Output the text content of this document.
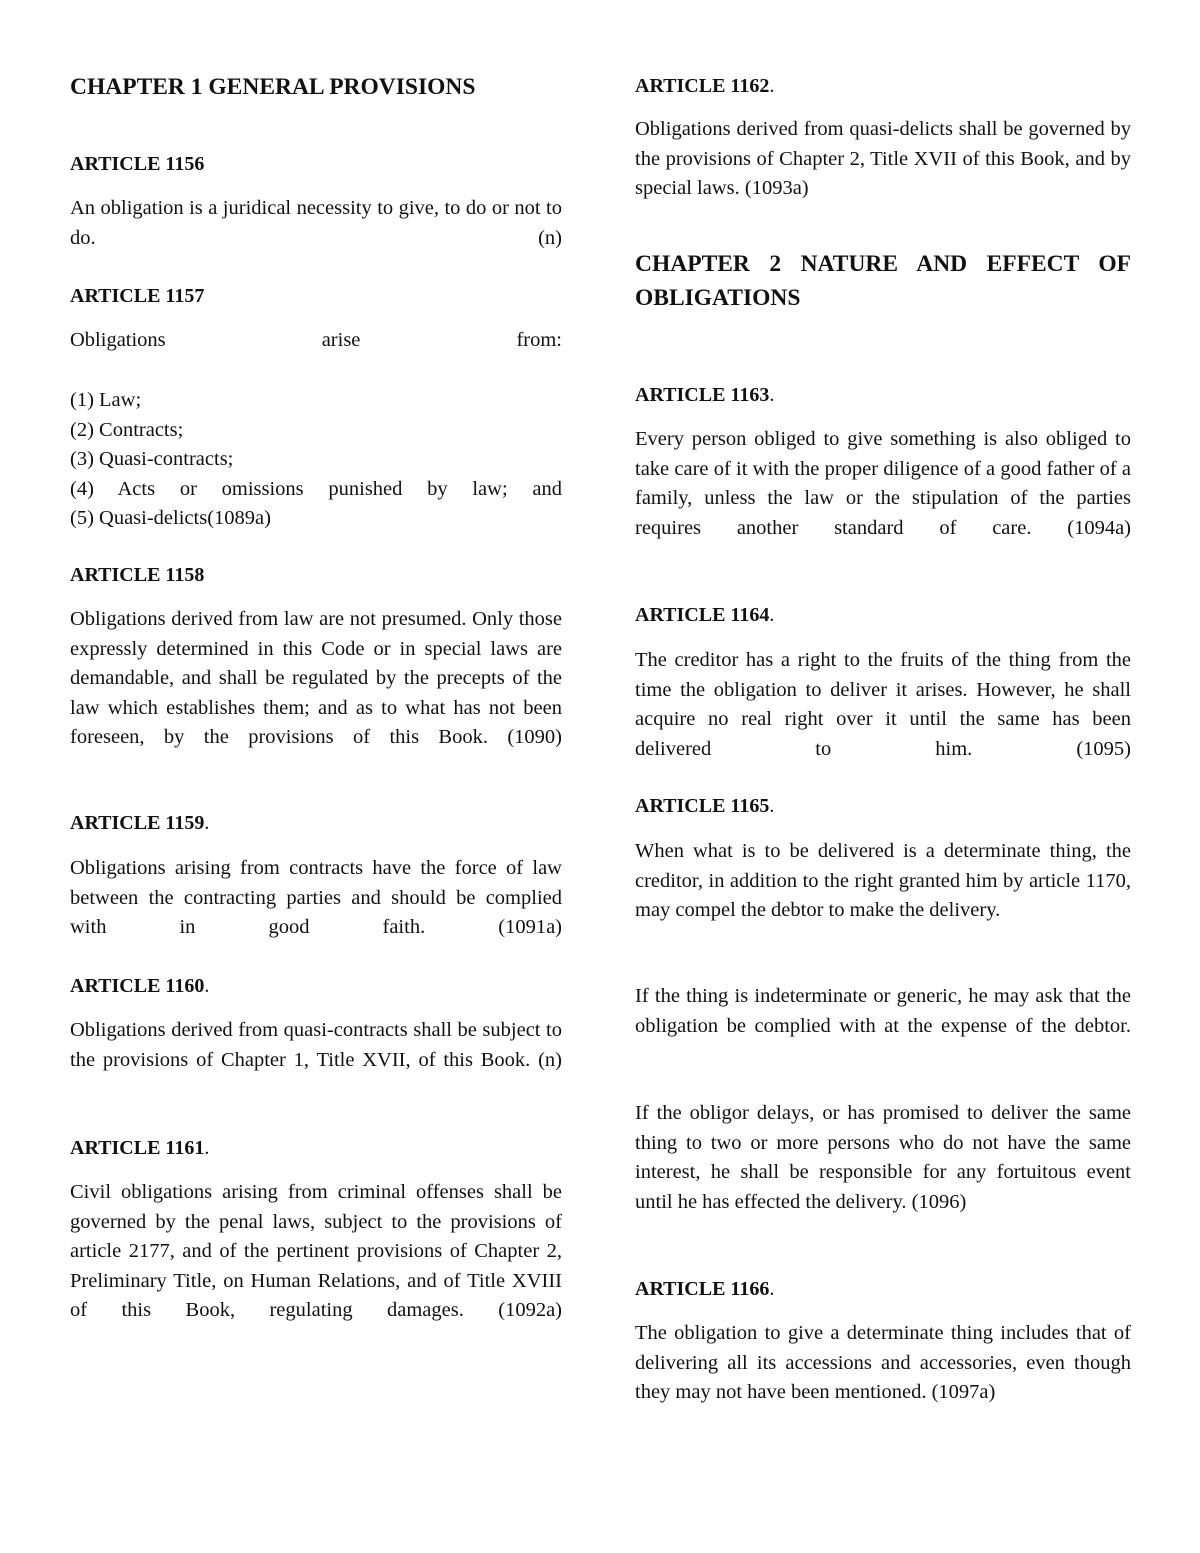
CHAPTER 1 GENERAL PROVISIONS
ARTICLE 1156

An obligation is a juridical necessity to give, to do or not to do. (n)

ARTICLE 1157

Obligations arise from:

(1) Law;

(2) Contracts;

(3) Quasi-contracts;

(4) Acts or omissions punished by law; and

(5) Quasi-delicts(1089a)

ARTICLE 1158

Obligations derived from law are not presumed. Only those expressly determined in this Code or in special laws are demandable, and shall be regulated by the precepts of the law which establishes them; and as to what has not been foreseen, by the provisions of this Book. (1090)

ARTICLE 1159.

Obligations arising from contracts have the force of law between the contracting parties and should be complied with in good faith. (1091a)

ARTICLE 1160.

Obligations derived from quasi-contracts shall be subject to the provisions of Chapter 1, Title XVII, of this Book. (n)

ARTICLE 1161.

Civil obligations arising from criminal offenses shall be governed by the penal laws, subject to the provisions of article 2177, and of the pertinent provisions of Chapter 2, Preliminary Title, on Human Relations, and of Title XVIII of this Book, regulating damages. (1092a)

ARTICLE 1162.

Obligations derived from quasi-delicts shall be governed by the provisions of Chapter 2, Title XVII of this Book, and by special laws. (1093a)

CHAPTER 2 NATURE AND EFFECT OF OBLIGATIONS
ARTICLE 1163.

Every person obliged to give something is also obliged to take care of it with the proper diligence of a good father of a family, unless the law or the stipulation of the parties requires another standard of care. (1094a)

ARTICLE 1164.

The creditor has a right to the fruits of the thing from the time the obligation to deliver it arises. However, he shall acquire no real right over it until the same has been delivered to him. (1095)

ARTICLE 1165.

When what is to be delivered is a determinate thing, the creditor, in addition to the right granted him by article 1170, may compel the debtor to make the delivery.

If the thing is indeterminate or generic, he may ask that the obligation be complied with at the expense of the debtor.

If the obligor delays, or has promised to deliver the same thing to two or more persons who do not have the same interest, he shall be responsible for any fortuitous event until he has effected the delivery. (1096)

ARTICLE 1166.

The obligation to give a determinate thing includes that of delivering all its accessions and accessories, even though they may not have been mentioned. (1097a)
